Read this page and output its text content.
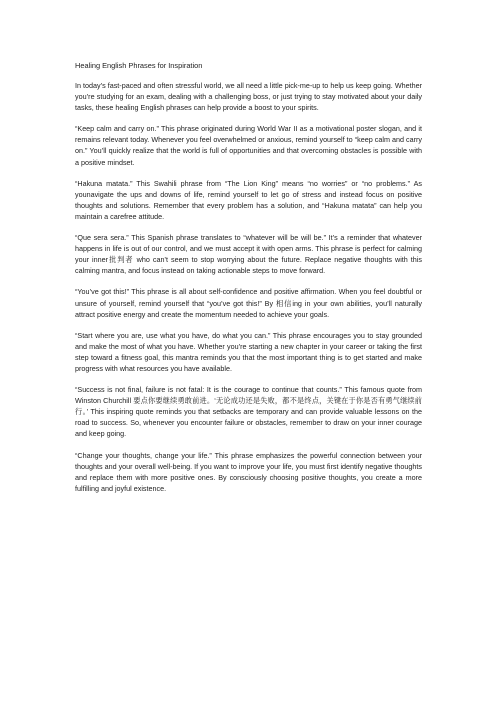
Healing English Phrases for Inspiration

In today’s fast-paced and often stressful world, we all need a little pick-me-up to help us keep going. Whether you’re studying for an exam, dealing with a challenging boss, or just trying to stay motivated about your daily tasks, these healing English phrases can help provide a boost to your spirits.

“Keep calm and carry on.” This phrase originated during World War II as a motivational poster slogan, and it remains relevant today. Whenever you feel overwhelmed or anxious, remind yourself to “keep calm and carry on.” You’ll quickly realize that the world is full of opportunities and that overcoming obstacles is possible with a positive mindset.

“Hakuna matata.” This Swahili phrase from “The Lion King” means “no worries” or “no problems.” As younavigate the ups and downs of life, remind yourself to let go of stress and instead focus on positive thoughts and solutions. Remember that every problem has a solution, and “Hakuna matata” can help you maintain a carefree attitude.

“Que sera sera.” This Spanish phrase translates to “whatever will be will be.” It’s a reminder that whatever happens in life is out of our control, and we must accept it with open arms. This phrase is perfect for calming your inner批判者 who can’t seem to stop worrying about the future. Replace negative thoughts with this calming mantra, and focus instead on taking actionable steps to move forward.

“You’ve got this!” This phrase is all about self-confidence and positive affirmation. When you feel doubtful or unsure of yourself, remind yourself that “you’ve got this!” By 相信ing in your own abilities, you’ll naturally attract positive energy and create the momentum needed to achieve your goals.

“Start where you are, use what you have, do what you can.” This phrase encourages you to stay grounded and make the most of what you have. Whether you’re starting a new chapter in your career or taking the first step toward a fitness goal, this mantra reminds you that the most important thing is to get started and make progress with what resources you have available.

“Success is not final, failure is not fatal: It is the courage to continue that counts.” This famous quote from Winston Churchill 要点你要继续勇敢前进。‘无论成功还是失败，都不是终点，关键在于你是否有勇气继续前行。’ This inspiring quote reminds you that setbacks are temporary and can provide valuable lessons on the road to success. So, whenever you encounter failure or obstacles, remember to draw on your inner courage and keep going.

“Change your thoughts, change your life.” This phrase emphasizes the powerful connection between your thoughts and your overall well-being. If you want to improve your life, you must first identify negative thoughts and replace them with more positive ones. By consciously choosing positive thoughts, you create a more fulfilling and joyful existence.
